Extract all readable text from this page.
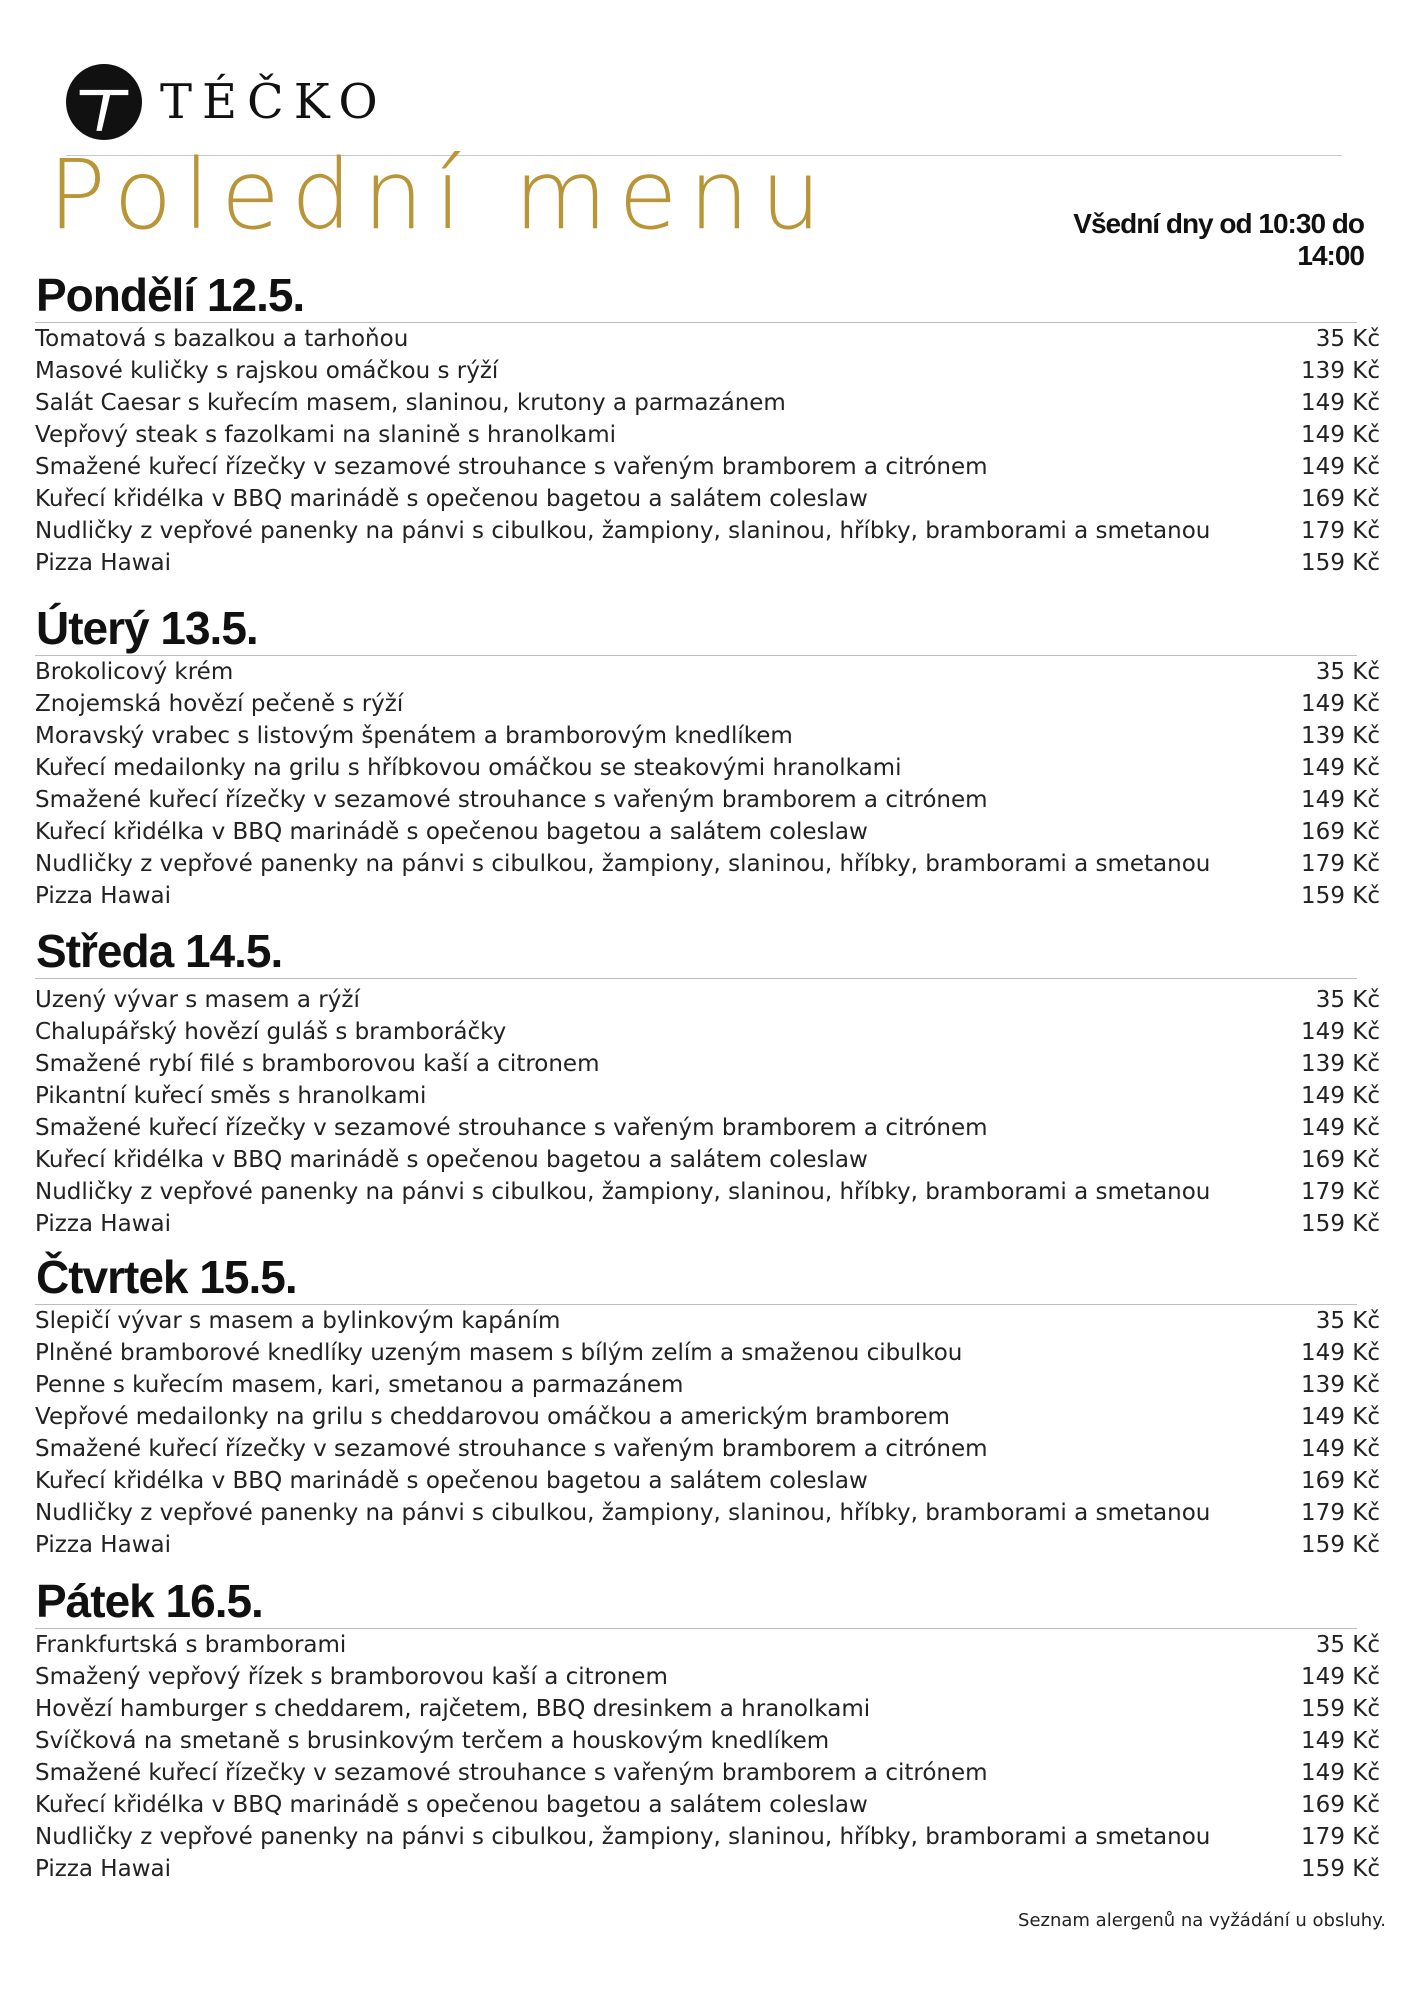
TÉČKO
Polední menu	Všední dny od 10:30 do 14:00
Pondělí 12.5.
Tomatová s bazalkou a tarhoňou	35 Kč
Masové kuličky s rajskou omáčkou s rýží	139 Kč
Salát Caesar s kuřecím masem, slaninou, krutony a parmazánem	149 Kč
Vepřový steak s fazolkami na slanině s hranolkami	149 Kč
Smažené kuřecí řízečky v sezamové strouhance s vařeným bramborem a citrónem	149 Kč
Kuřecí křidélka v BBQ marinádě s opečenou bagetou a salátem coleslaw	169 Kč
Nudličky z vepřové panenky na pánvi s cibulkou, žampiony, slaninou, hříbky, bramborami a smetanou	179 Kč
Pizza Hawai	159 Kč
Úterý 13.5.
Brokolicový krém	35 Kč
Znojemská hovězí pečeně s rýží	149 Kč
Moravský vrabec s listovým špenátem a bramborovým knedlíkem	139 Kč
Kuřecí medailonky na grilu s hříbkovou omáčkou se steakovými hranolkami	149 Kč
Smažené kuřecí řízečky v sezamové strouhance s vařeným bramborem a citrónem	149 Kč
Kuřecí křidélka v BBQ marinádě s opečenou bagetou a salátem coleslaw	169 Kč
Nudličky z vepřové panenky na pánvi s cibulkou, žampiony, slaninou, hříbky, bramborami a smetanou	179 Kč
Pizza Hawai	159 Kč
Středa 14.5.
Uzený vývar s masem a rýží	35 Kč
Chalupářský hovězí guláš s bramboráčky	149 Kč
Smažené rybí filé s bramborovou kaší a citronem	139 Kč
Pikantní kuřecí směs s hranolkami	149 Kč
Smažené kuřecí řízečky v sezamové strouhance s vařeným bramborem a citrónem	149 Kč
Kuřecí křidélka v BBQ marinádě s opečenou bagetou a salátem coleslaw	169 Kč
Nudličky z vepřové panenky na pánvi s cibulkou, žampiony, slaninou, hříbky, bramborami a smetanou	179 Kč
Pizza Hawai	159 Kč
Čtvrtek 15.5.
Slepičí vývar s masem a bylinkovým kapáním	35 Kč
Plněné bramborové knedlíky uzeným masem s bílým zelím a smaženou cibulkou	149 Kč
Penne s kuřecím masem, kari, smetanou a parmazánem	139 Kč
Vepřové medailonky na grilu s cheddarovou omáčkou a americkým bramborem	149 Kč
Smažené kuřecí řízečky v sezamové strouhance s vařeným bramborem a citrónem	149 Kč
Kuřecí křidélka v BBQ marinádě s opečenou bagetou a salátem coleslaw	169 Kč
Nudličky z vepřové panenky na pánvi s cibulkou, žampiony, slaninou, hříbky, bramborami a smetanou	179 Kč
Pizza Hawai	159 Kč
Pátek 16.5.
Frankfurtská s bramborami	35 Kč
Smažený vepřový řízek s bramborovou kaší a citronem	149 Kč
Hovězí hamburger s cheddarem, rajčetem, BBQ dresinkem a hranolkami	159 Kč
Svíčková na smetaně s brusinkovým terčem a houskovým knedlíkem	149 Kč
Smažené kuřecí řízečky v sezamové strouhance s vařeným bramborem a citrónem	149 Kč
Kuřecí křidélka v BBQ marinádě s opečenou bagetou a salátem coleslaw	169 Kč
Nudličky z vepřové panenky na pánvi s cibulkou, žampiony, slaninou, hříbky, bramborami a smetanou	179 Kč
Pizza Hawai	159 Kč
Seznam alergenů na vyžádání u obsluhy.
